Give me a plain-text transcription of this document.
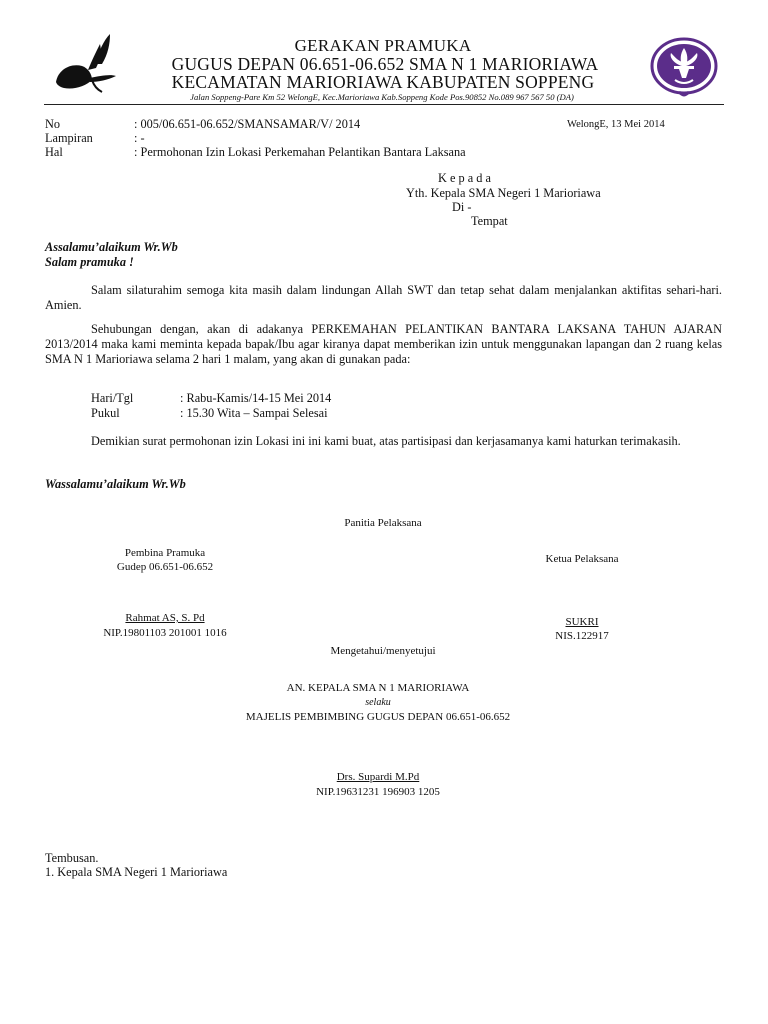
GERAKAN PRAMUKA
GUGUS DEPAN 06.651-06.652 SMA N 1 MARIORIAWA
KECAMATAN MARIORIAWA KABUPATEN SOPPENG
Jalan Soppeng-Pare Km 52 WelongE, Kec.Marioriawa Kab.Soppeng Kode Pos.90852 No.089 967 567 50 (DA)
No	: 005/06.651-06.652/SMANSAMAR/V/ 2014	WelongE, 13 Mei 2014
Lampiran	: -
Hal	: Permohonan Izin Lokasi Perkemahan Pelantikan Bantara Laksana
K e p a d a
Yth. Kepala SMA Negeri 1 Marioriawa
Di -
Tempat
Assalamu’alaikum Wr.Wb
Salam pramuka !
Salam silaturahim semoga kita masih dalam lindungan Allah SWT dan tetap sehat dalam menjalankan aktifitas sehari-hari. Amien.
Sehubungan dengan, akan di adakanya PERKEMAHAN PELANTIKAN BANTARA LAKSANA TAHUN AJARAN 2013/2014 maka kami meminta kepada bapak/Ibu agar kiranya dapat memberikan izin untuk menggunakan lapangan dan 2 ruang kelas SMA N 1 Marioriawa selama 2 hari 1 malam, yang akan di gunakan pada:
Hari/Tgl	: Rabu-Kamis/14-15 Mei 2014
Pukul	: 15.30 Wita – Sampai Selesai
Demikian surat permohonan izin Lokasi ini ini kami buat, atas partisipasi dan kerjasamanya kami haturkan terimakasih.
Wassalamu’alaikum Wr.Wb
Panitia Pelaksana
Pembina Pramuka
Gudep 06.651-06.652
Ketua Pelaksana
Rahmat AS, S. Pd
NIP.19801103 201001 1016
SUKRI
NIS.122917
Mengetahui/menyetujui
AN. KEPALA SMA N 1 MARIORIAWA
selaku
MAJELIS PEMBIMBING GUGUS DEPAN 06.651-06.652
Drs. Supardi M.Pd
NIP.19631231 196903 1205
Tembusan.
1. Kepala SMA Negeri 1 Marioriawa
